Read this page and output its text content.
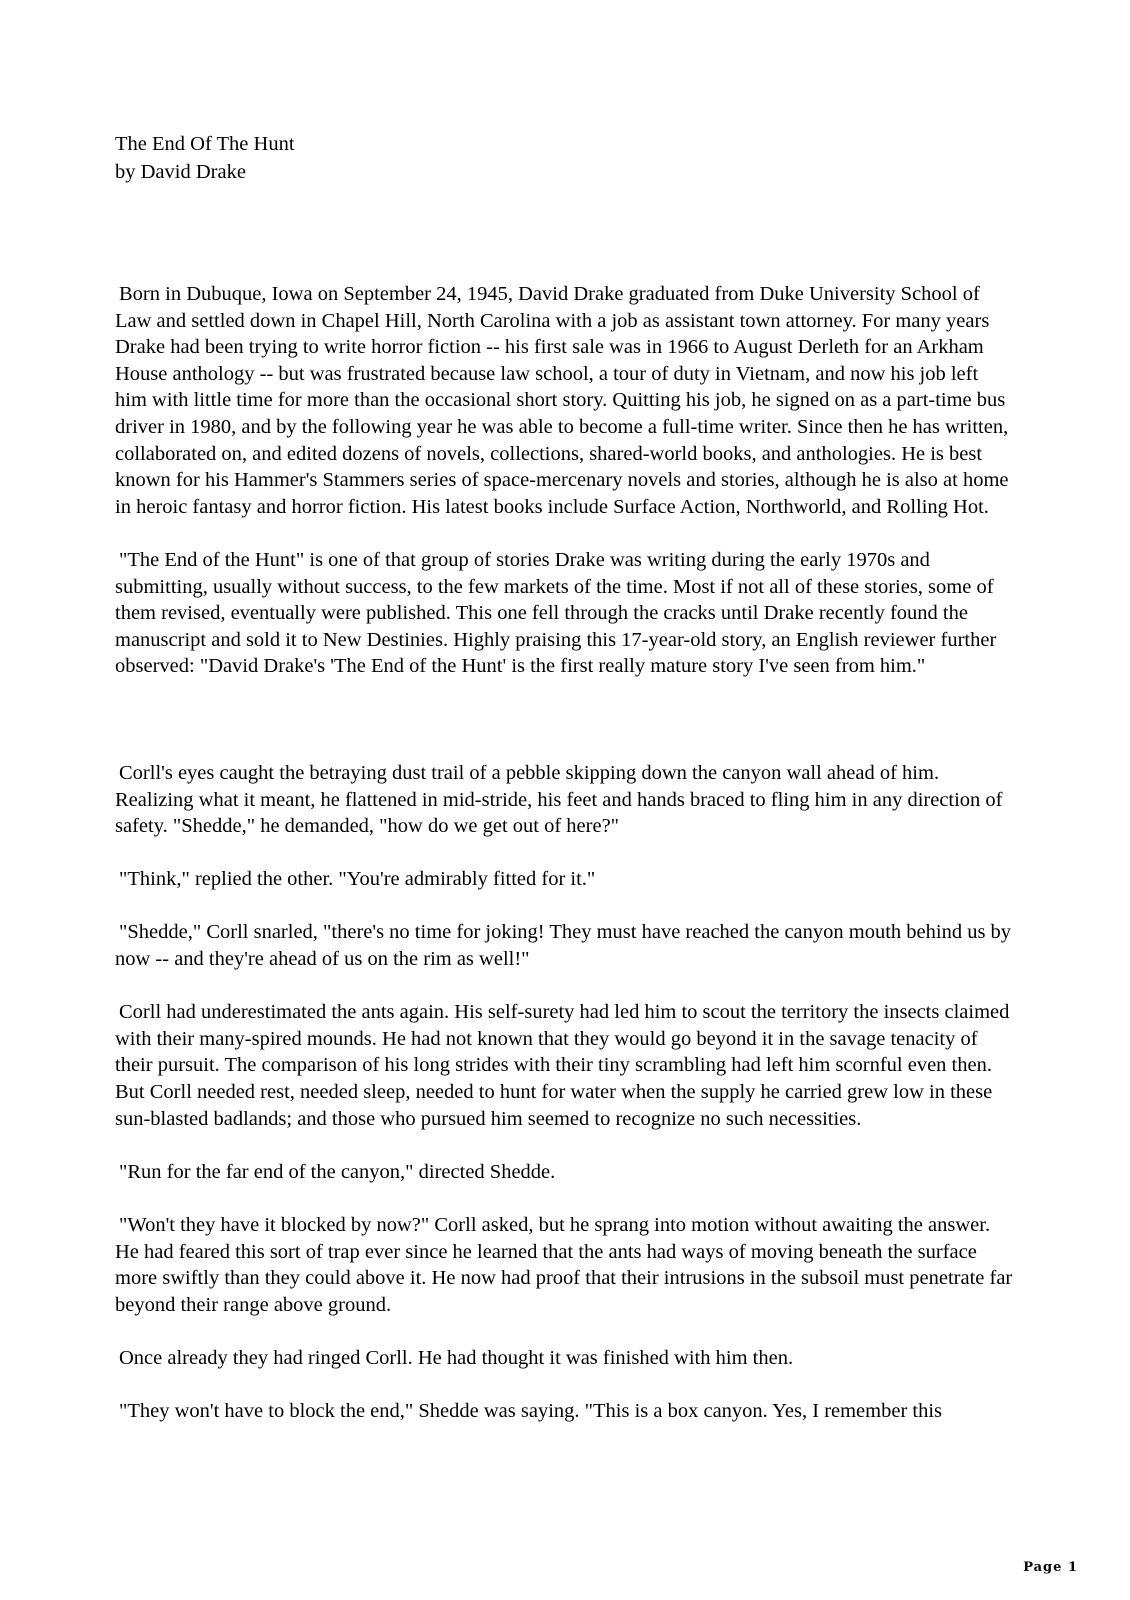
The End Of The Hunt
by David Drake

Born in Dubuque, Iowa on September 24, 1945, David Drake graduated from Duke University School of Law and settled down in Chapel Hill, North Carolina with a job as assistant town attorney. For many years Drake had been trying to write horror fiction -- his first sale was in 1966 to August Derleth for an Arkham House anthology -- but was frustrated because law school, a tour of duty in Vietnam, and now his job left him with little time for more than the occasional short story. Quitting his job, he signed on as a part-time bus driver in 1980, and by the following year he was able to become a full-time writer. Since then he has written, collaborated on, and edited dozens of novels, collections, shared-world books, and anthologies. He is best known for his Hammer's Stammers series of space-mercenary novels and stories, although he is also at home in heroic fantasy and horror fiction. His latest books include Surface Action, Northworld, and Rolling Hot.

"The End of the Hunt" is one of that group of stories Drake was writing during the early 1970s and submitting, usually without success, to the few markets of the time. Most if not all of these stories, some of them revised, eventually were published. This one fell through the cracks until Drake recently found the manuscript and sold it to New Destinies. Highly praising this 17-year-old story, an English reviewer further observed: "David Drake's 'The End of the Hunt' is the first really mature story I've seen from him."

Corll's eyes caught the betraying dust trail of a pebble skipping down the canyon wall ahead of him. Realizing what it meant, he flattened in mid-stride, his feet and hands braced to fling him in any direction of safety. "Shedde," he demanded, "how do we get out of here?"

"Think," replied the other. "You're admirably fitted for it."

"Shedde," Corll snarled, "there's no time for joking! They must have reached the canyon mouth behind us by now -- and they're ahead of us on the rim as well!"

Corll had underestimated the ants again. His self-surety had led him to scout the territory the insects claimed with their many-spired mounds. He had not known that they would go beyond it in the savage tenacity of their pursuit. The comparison of his long strides with their tiny scrambling had left him scornful even then. But Corll needed rest, needed sleep, needed to hunt for water when the supply he carried grew low in these sun-blasted badlands; and those who pursued him seemed to recognize no such necessities.

"Run for the far end of the canyon," directed Shedde.

"Won't they have it blocked by now?" Corll asked, but he sprang into motion without awaiting the answer. He had feared this sort of trap ever since he learned that the ants had ways of moving beneath the surface more swiftly than they could above it. He now had proof that their intrusions in the subsoil must penetrate far beyond their range above ground.

Once already they had ringed Corll. He had thought it was finished with him then.

"They won't have to block the end," Shedde was saying. "This is a box canyon. Yes, I remember this

Page 1
